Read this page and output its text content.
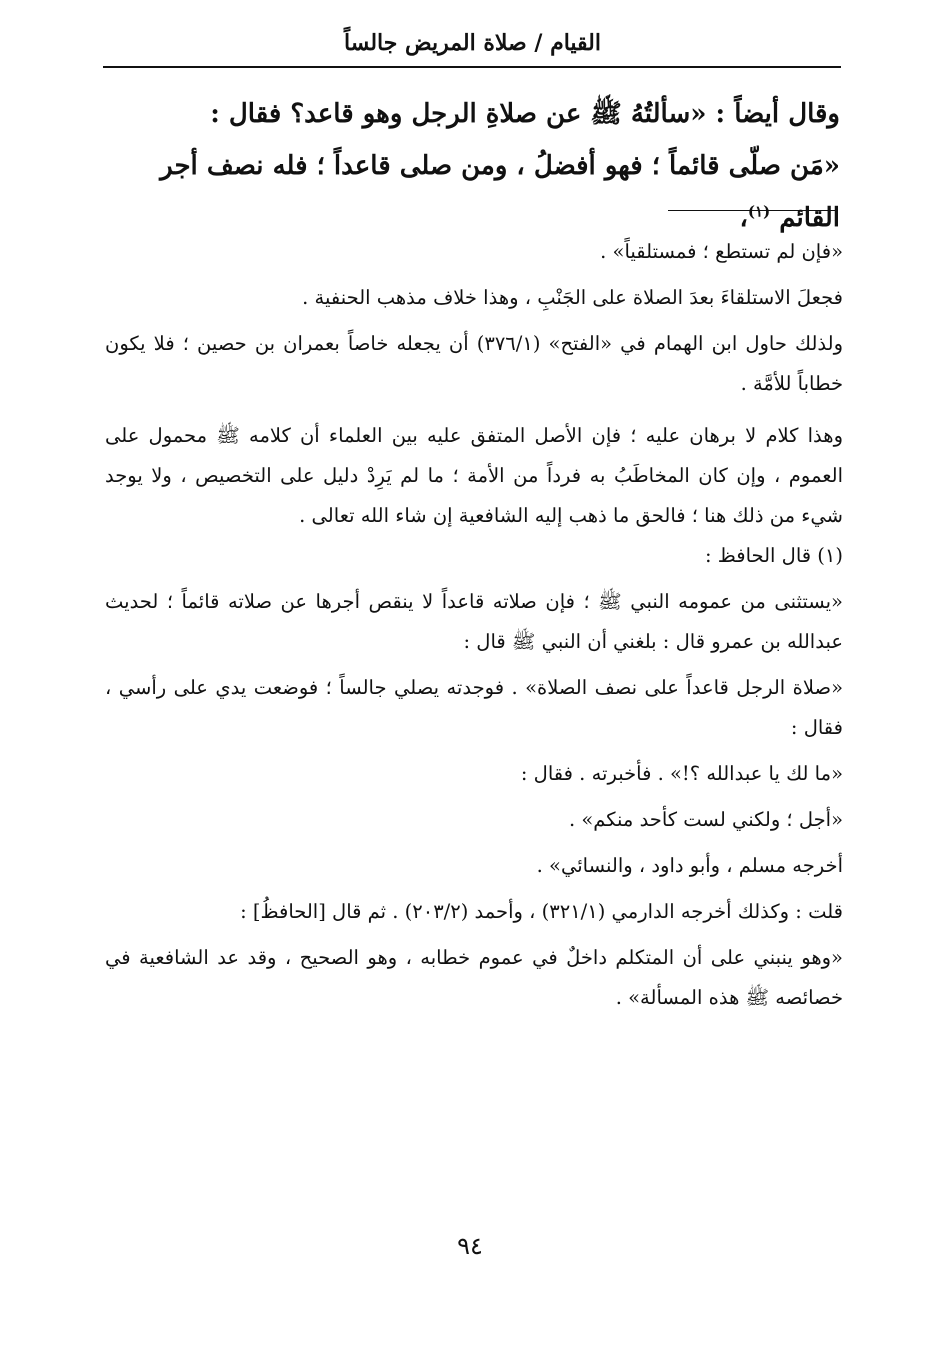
القيام / صلاة المريض جالساً

وقال أيضاً : «سألتُهُ ﷺ عن صلاةِ الرجل وهو قاعد؟ فقال :

«مَن صلّى قائماً ؛ فهو أفضلُ ، ومن صلى قاعداً ؛ فله نصف أجر القائم $^{(١)}$،

«فإن لم تستطع ؛ فمستلقياً» .

فجعلَ الاستلقاءَ بعدَ الصلاة على الجَنْبِ ، وهذا خلاف مذهب الحنفية .

ولذلك حاول ابن الهمام في «الفتح» (٣٧٦/١) أن يجعله خاصاً بعمران بن حصين ؛ فلا يكون خطاباً للأمَّة .

وهذا كلام لا برهان عليه ؛ فإن الأصل المتفق عليه بين العلماء أن كلامه ﷺ محمول على العموم ، وإن كان المخاطَبُ به فرداً من الأمة ؛ ما لم يَرِدْ دليل على التخصيص ، ولا يوجد شيء من ذلك هنا ؛ فالحق ما ذهب إليه الشافعية إن شاء الله تعالى .

(١) قال الحافظ :

«يستثنى من عمومه النبي ﷺ ؛ فإن صلاته قاعداً لا ينقص أجرها عن صلاته قائماً ؛ لحديث عبدالله بن عمرو قال : بلغني أن النبي ﷺ قال :

«صلاة الرجل قاعداً على نصف الصلاة» . فوجدته يصلي جالساً ؛ فوضعت يدي على رأسي ، فقال :

«ما لك يا عبدالله ؟!» . فأخبرته . فقال :

«أجل ؛ ولكني لست كأحد منكم» .

أخرجه مسلم ، وأبو داود ، والنسائي» .

قلت : وكذلك أخرجه الدارمي (٣٢١/١) ، وأحمد (٢٠٣/٢) . ثم قال [الحافظُ] :

«وهو ينبني على أن المتكلم داخلٌ في عموم خطابه ، وهو الصحيح ، وقد عد الشافعية في خصائصه ﷺ هذه المسألة» .

٩٤
